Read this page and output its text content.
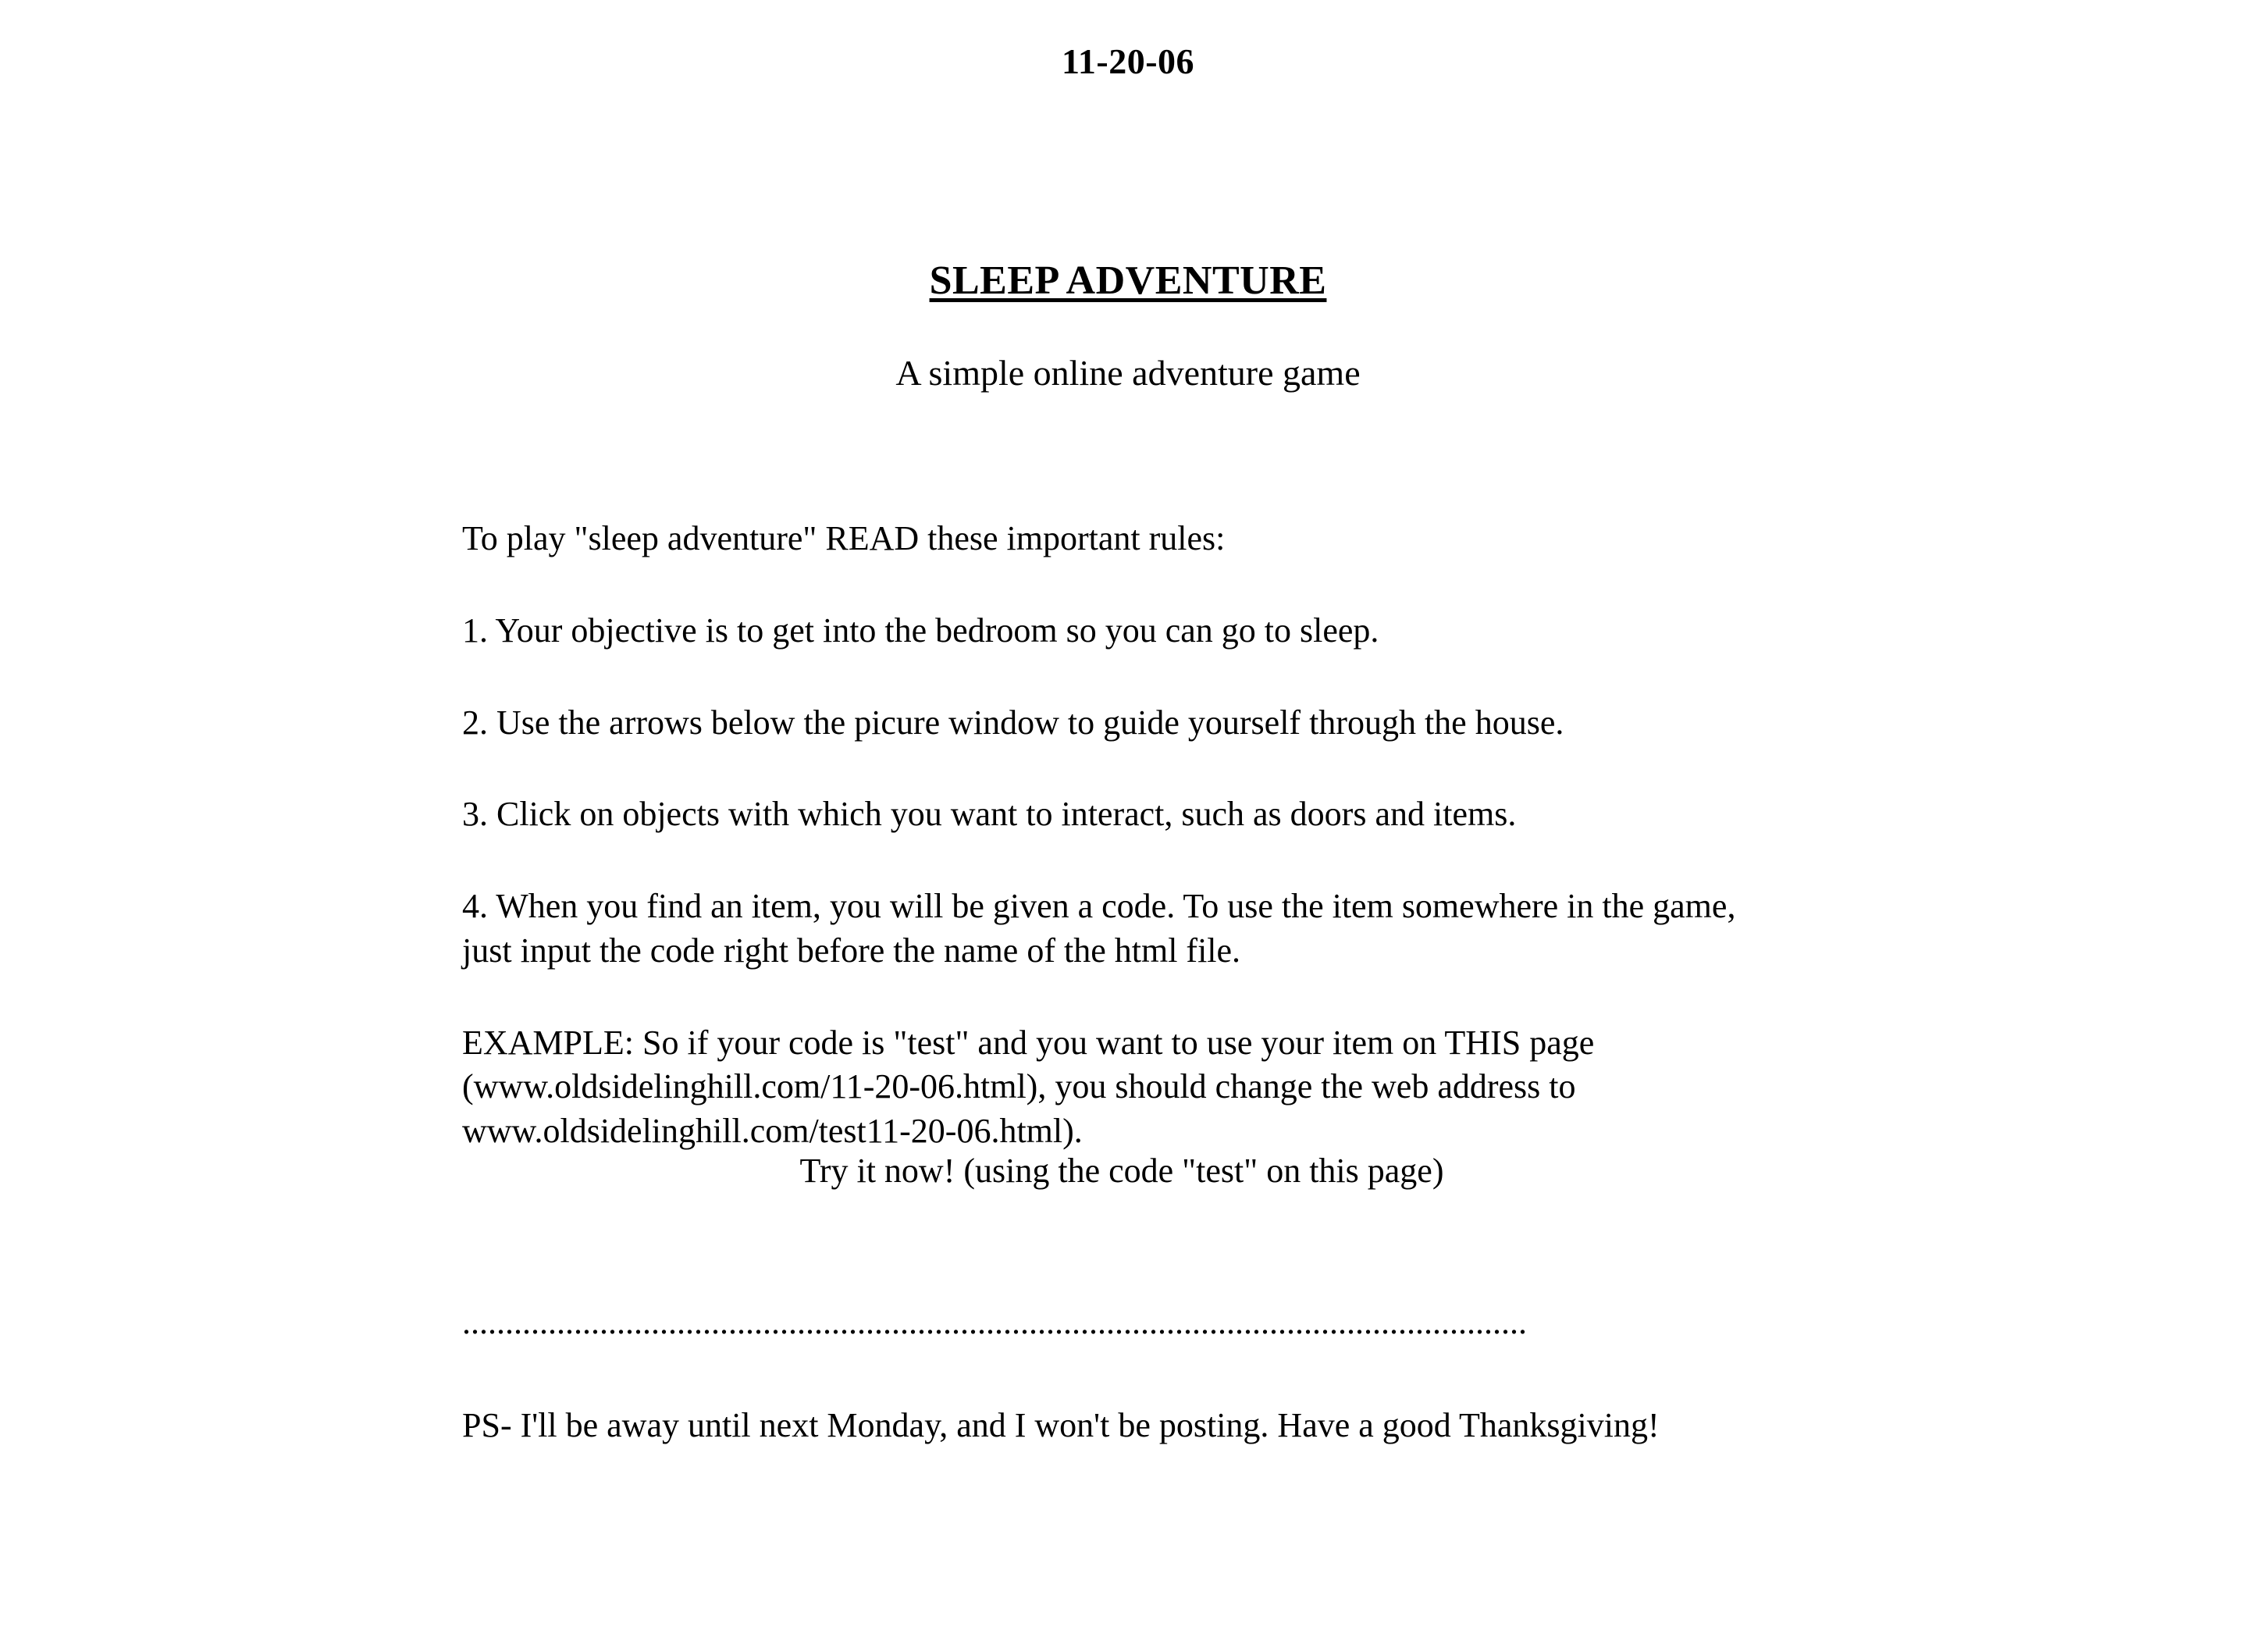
11-20-06
SLEEP ADVENTURE
A simple online adventure game

To play "sleep adventure" READ these important rules:

1. Your objective is to get into the bedroom so you can go to sleep.

2. Use the arrows below the picure window to guide yourself through the house.

3. Click on objects with which you want to interact, such as doors and items.

4. When you find an item, you will be given a code. To use the item somewhere in the game, just input the code right before the name of the html file.

EXAMPLE: So if your code is "test" and you want to use your item on THIS page (www.oldsidelinghill.com/11-20-06.html), you should change the web address to www.oldsidelinghill.com/test11-20-06.html).

Try it now! (using the code "test" on this page)
............................................................................................................................
PS- I'll be away until next Monday, and I won't be posting. Have a good Thanksgiving!
